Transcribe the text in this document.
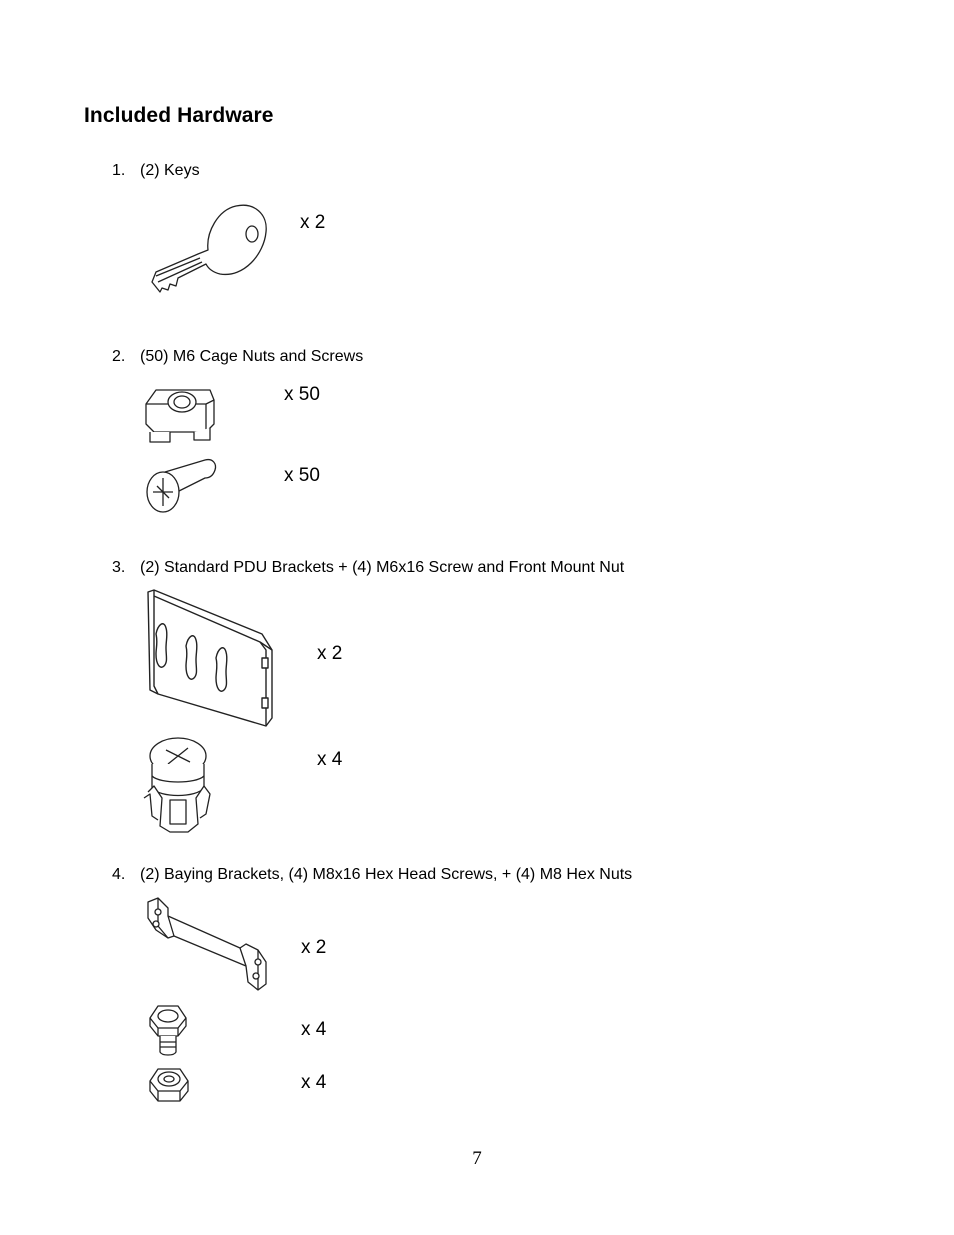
Included Hardware
1. (2) Keys
x 2
2. (50) M6 Cage Nuts and Screws
x 50
x 50
3. (2) Standard PDU Brackets + (4) M6x16 Screw and Front Mount Nut
x 2
x 4
4. (2) Baying Brackets, (4) M8x16 Hex Head Screws, + (4) M8 Hex Nuts
x 2
x 4
x 4
7
